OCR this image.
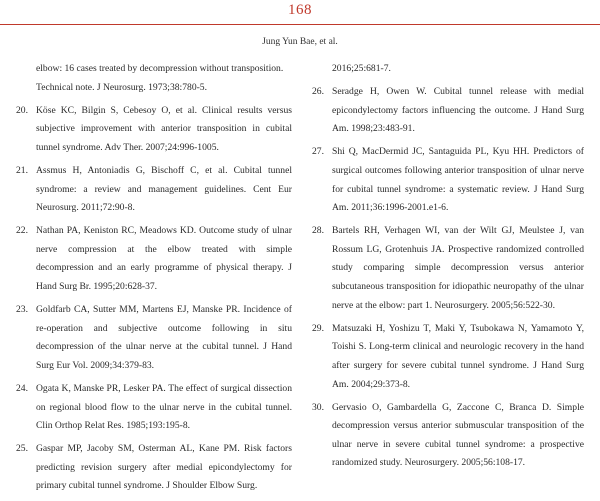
168
Jung Yun Bae, et al.
elbow: 16 cases treated by decompression without transposition. Technical note. J Neurosurg. 1973;38:780-5.
20. Köse KC, Bilgin S, Cebesoy O, et al. Clinical results versus subjective improvement with anterior transposition in cubital tunnel syndrome. Adv Ther. 2007;24:996-1005.
21. Assmus H, Antoniadis G, Bischoff C, et al. Cubital tunnel syndrome: a review and management guidelines. Cent Eur Neurosurg. 2011;72:90-8.
22. Nathan PA, Keniston RC, Meadows KD. Outcome study of ulnar nerve compression at the elbow treated with simple decompression and an early programme of physical therapy. J Hand Surg Br. 1995;20:628-37.
23. Goldfarb CA, Sutter MM, Martens EJ, Manske PR. Incidence of re-operation and subjective outcome following in situ decompression of the ulnar nerve at the cubital tunnel. J Hand Surg Eur Vol. 2009;34:379-83.
24. Ogata K, Manske PR, Lesker PA. The effect of surgical dissection on regional blood flow to the ulnar nerve in the cubital tunnel. Clin Orthop Relat Res. 1985;193:195-8.
25. Gaspar MP, Jacoby SM, Osterman AL, Kane PM. Risk factors predicting revision surgery after medial epicondylectomy for primary cubital tunnel syndrome. J Shoulder Elbow Surg.
2016;25:681-7.
26. Seradge H, Owen W. Cubital tunnel release with medial epicondylectomy factors influencing the outcome. J Hand Surg Am. 1998;23:483-91.
27. Shi Q, MacDermid JC, Santaguida PL, Kyu HH. Predictors of surgical outcomes following anterior transposition of ulnar nerve for cubital tunnel syndrome: a systematic review. J Hand Surg Am. 2011;36:1996-2001.e1-6.
28. Bartels RH, Verhagen WI, van der Wilt GJ, Meulstee J, van Rossum LG, Grotenhuis JA. Prospective randomized controlled study comparing simple decompression versus anterior subcutaneous transposition for idiopathic neuropathy of the ulnar nerve at the elbow: part 1. Neurosurgery. 2005;56:522-30.
29. Matsuzaki H, Yoshizu T, Maki Y, Tsubokawa N, Yamamoto Y, Toishi S. Long-term clinical and neurologic recovery in the hand after surgery for severe cubital tunnel syndrome. J Hand Surg Am. 2004;29:373-8.
30. Gervasio O, Gambardella G, Zaccone C, Branca D. Simple decompression versus anterior submuscular transposition of the ulnar nerve in severe cubital tunnel syndrome: a prospective randomized study. Neurosurgery. 2005;56:108-17.
